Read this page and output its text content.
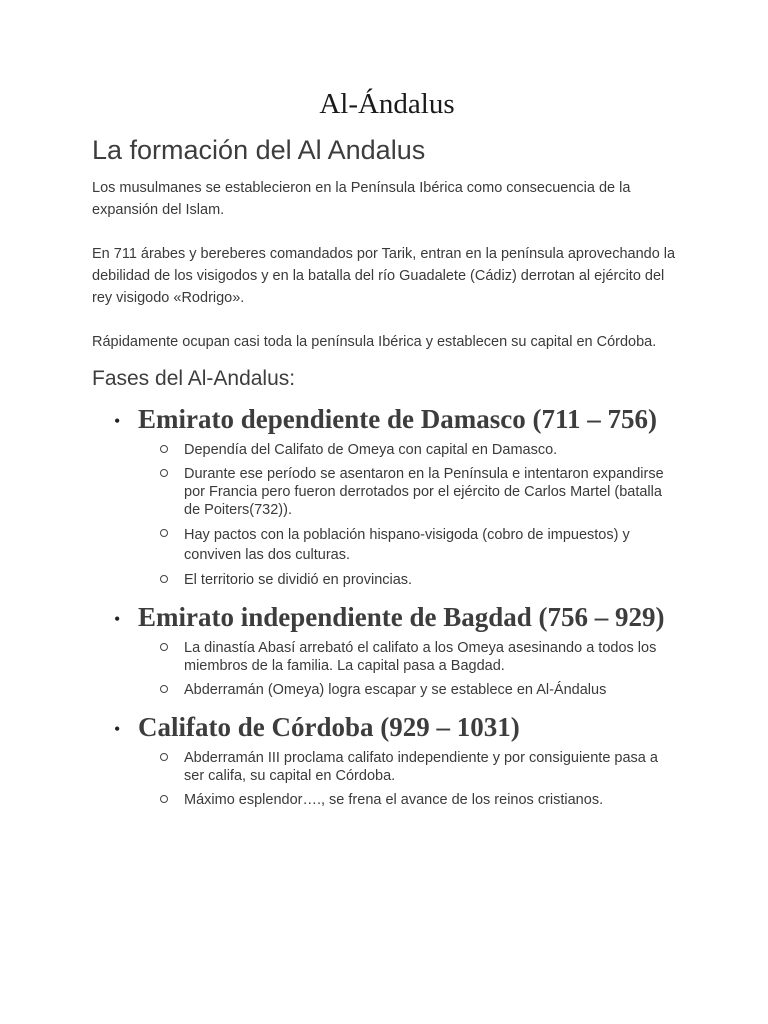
Al-Ándalus
La formación del Al Andalus

Los musulmanes se establecieron en la Península Ibérica como consecuencia de la expansión del Islam.

En 711 árabes y bereberes comandados por Tarik, entran en la península aprovechando la debilidad de los visigodos y en la batalla del río Guadalete (Cádiz) derrotan al ejército del rey visigodo «Rodrigo».

Rápidamente ocupan casi toda la península Ibérica y establecen su capital en Córdoba.

Fases del Al-Andalus:
• Emirato dependiente de Damasco (711 – 756)
Dependía del Califato de Omeya con capital en Damasco.
Durante ese período se asentaron en la Península e intentaron expandirse por Francia pero fueron derrotados por el ejército de Carlos Martel (batalla de Poiters(732)).
Hay pactos con la población hispano-visigoda (cobro de impuestos) y conviven las dos culturas.
El territorio se dividió en provincias.
• Emirato independiente de Bagdad (756 – 929)
La dinastía Abasí arrebató el califato a los Omeya asesinando a todos los miembros de la familia. La capital pasa a Bagdad.
Abderramán (Omeya) logra escapar y se establece en Al-Ándalus
• Califato de Córdoba (929 – 1031)
Abderramán III proclama califato independiente y por consiguiente pasa a ser califa, su capital en Córdoba.
Máximo esplendor…., se frena el avance de los reinos cristianos.
